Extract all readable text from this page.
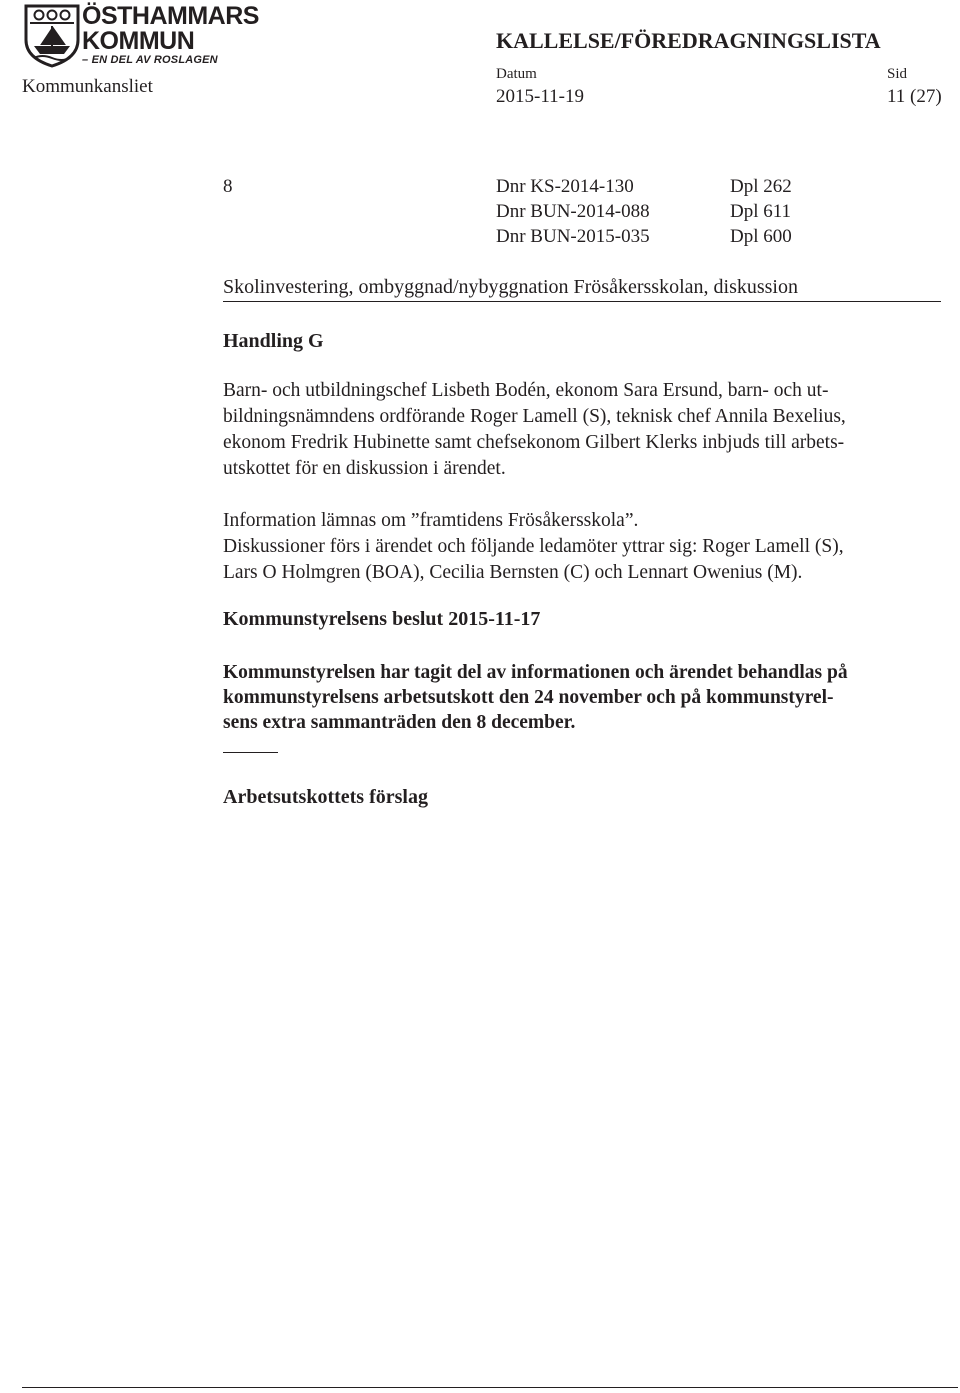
ÖSTHAMMARS
KOMMUN
– EN DEL AV ROSLAGEN
KALLELSE/FÖREDRAGNINGSLISTA
Kommunkansliet
Datum	Sid
2015-11-19	11 (27)
8	Dnr KS-2014-130	Dpl 262
Dnr BUN-2014-088	Dpl 611
Dnr BUN-2015-035	Dpl 600
Skolinvestering, ombyggnad/nybyggnation Frösåkersskolan, diskussion
Handling G
Barn- och utbildningschef Lisbeth Bodén, ekonom Sara Ersund, barn- och ut-
bildningsnämndens ordförande Roger Lamell (S), teknisk chef Annila Bexelius,
ekonom Fredrik Hubinette samt chefsekonom Gilbert Klerks inbjuds till arbets-
utskottet för en diskussion i ärendet.
Information lämnas om ”framtidens Frösåkersskola”.
Diskussioner förs i ärendet och följande ledamöter yttrar sig: Roger Lamell (S),
Lars O Holmgren (BOA), Cecilia Bernsten (C) och Lennart Owenius (M).
Kommunstyrelsens beslut 2015-11-17
Kommunstyrelsen har tagit del av informationen och ärendet behandlas på
kommunstyrelsens arbetsutskott den 24 november och på kommunstyrel-
sens extra sammanträden den 8 december.
Arbetsutskottets förslag
